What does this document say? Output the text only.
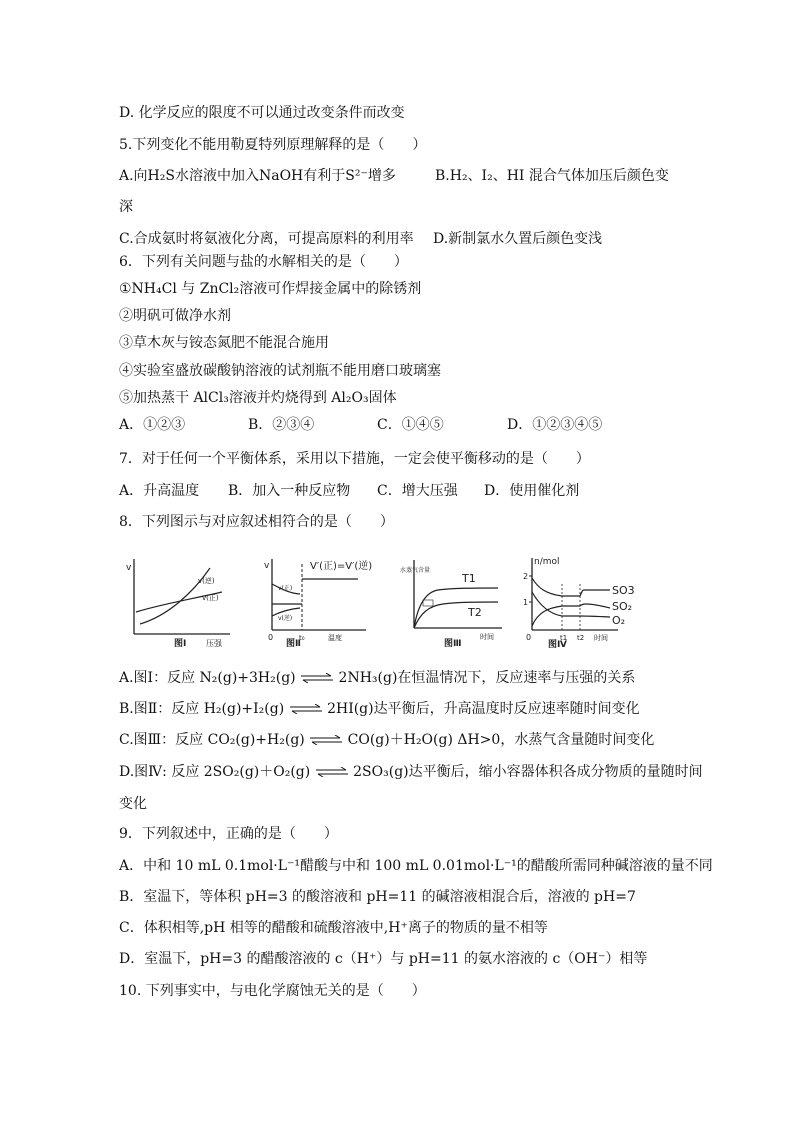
D. 化学反应的限度不可以通过改变条件而改变
5.下列变化不能用勒夏特列原理解释的是（　　）
A.向H₂S水溶液中加入NaOH有利于S²⁻增多	B.H₂、I₂、HI 混合气体加压后颜色变
深
C.合成氨时将氨液化分离，可提高原料的利用率 D.新制氯水久置后颜色变浅
6．下列有关问题与盐的水解相关的是（　　）
①NH₄Cl 与 ZnCl₂溶液可作焊接金属中的除锈剂
②明矾可做净水剂
③草木灰与铵态氮肥不能混合施用
④实验室盛放碳酸钠溶液的试剂瓶不能用磨口玻璃塞
⑤加热蒸干 AlCl₃溶液并灼烧得到 Al₂O₃固体
A．①②③	B．②③④	C．①④⑤	D．①②③④⑤
7．对于任何一个平衡体系，采用以下措施，一定会使平衡移动的是（　　）
A．升高温度 B．加入一种反应物 C．增大压强 D．使用催化剂
8．下列图示与对应叙述相符合的是（　　）
v
v(逆)
v(正)
压强
图Ⅰ
V′(正)=V′(逆)
v
v(正)
v(逆)
0	t₀	温度
图Ⅱ
水蒸气含量
T1
T2
时间
图Ⅲ
n/mol
2
1
0	t1 t2 时间
SO3
SO₂
O₂
图Ⅳ
A.图Ⅰ：反应 N₂(g)+3H₂(g) ⇌ 2NH₃(g)在恒温情况下，反应速率与压强的关系
B.图Ⅱ：反应 H₂(g)+I₂(g) ⇌ 2HI(g)达平衡后，升高温度时反应速率随时间变化
C.图Ⅲ：反应 CO₂(g)+H₂(g) ⇌ CO(g)＋H₂O(g) ΔH>0，水蒸气含量随时间变化
D.图Ⅳ: 反应 2SO₂(g)＋O₂(g) ⇌ 2SO₃(g)达平衡后，缩小容器体积各成分物质的量随时间
变化
9．下列叙述中，正确的是（　　）
A．中和 10 mL 0.1mol·L⁻¹醋酸与中和 100 mL 0.01mol·L⁻¹的醋酸所需同种碱溶液的量不同
B．室温下，等体积 pH=3 的酸溶液和 pH=11 的碱溶液相混合后，溶液的 pH=7
C．体积相等,pH 相等的醋酸和硫酸溶液中,H⁺离子的物质的量不相等
D．室温下，pH=3 的醋酸溶液的 c（H⁺）与 pH=11 的氨水溶液的 c（OH⁻）相等
10. 下列事实中，与电化学腐蚀无关的是（　　）
